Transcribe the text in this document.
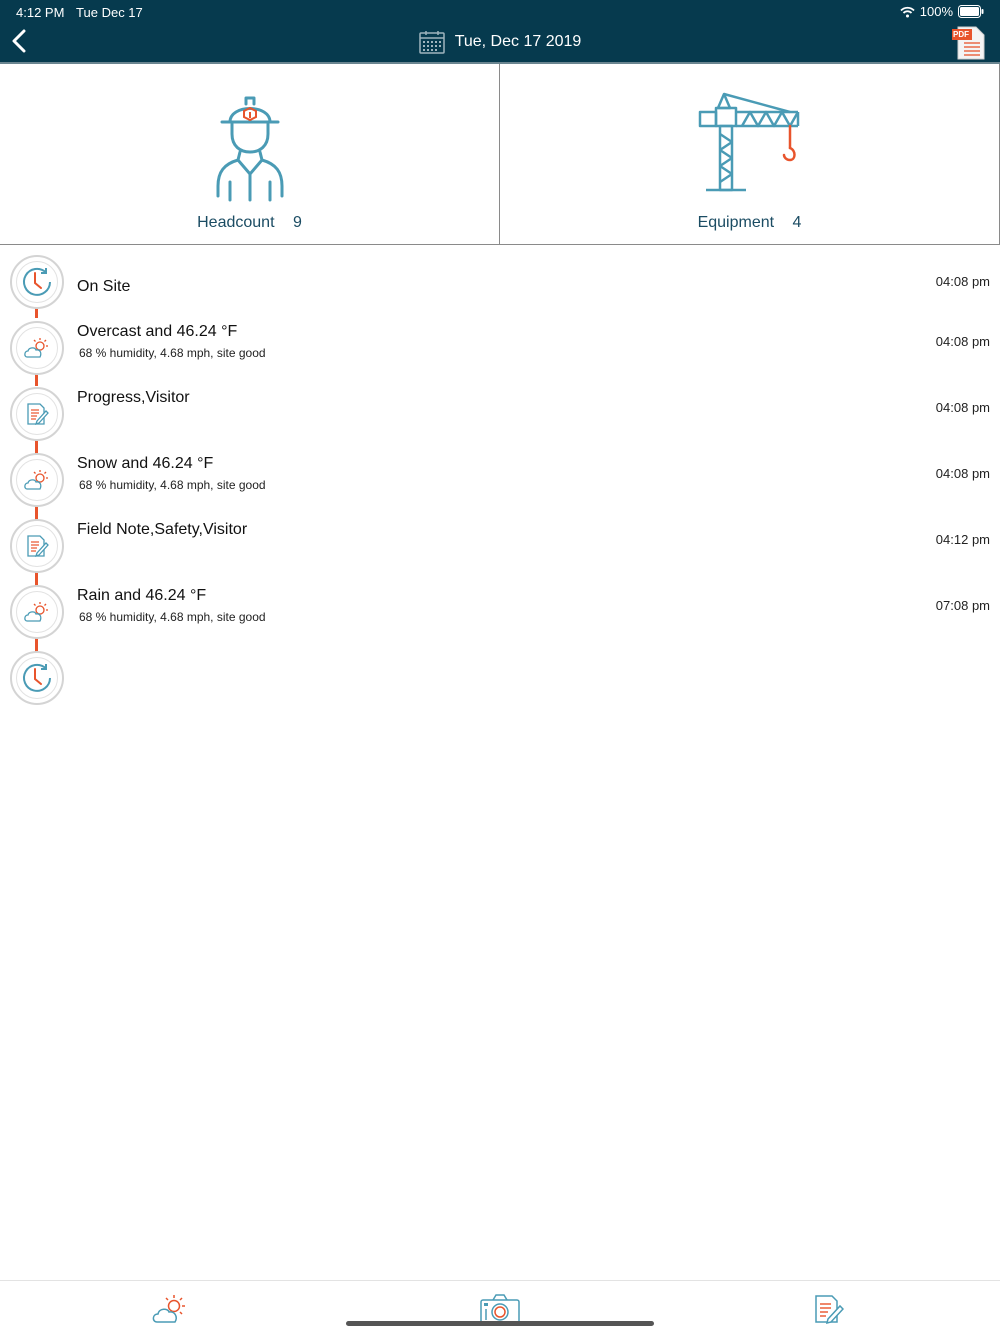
4:12 PM Tue Dec 17	100%
Tue, Dec 17 2019	PDF
Headcount 9	Equipment 4
On Site	04:08 pm
Overcast and 46.24 °F
68 % humidity, 4.68 mph, site good
04:08 pm
Progress,Visitor
04:08 pm
Snow and 46.24 °F
68 % humidity, 4.68 mph, site good
04:08 pm
Field Note,Safety,Visitor
04:12 pm
Rain and 46.24 °F
68 % humidity, 4.68 mph, site good
07:08 pm
